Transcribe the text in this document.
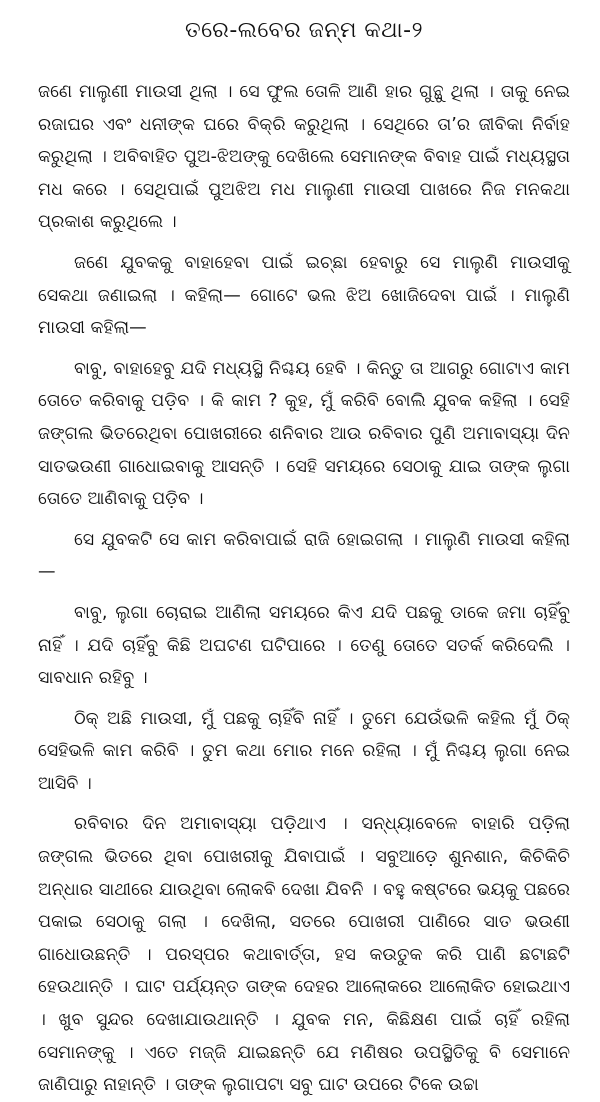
ତରେ-ଲବେର ଜନ୍ମ କଥା-୨

ଜଣେ ମାଲୁଣୀ ମାଉସୀ ଥିଲା । ସେ ଫୁଲ ତୋଳି ଆଣି ହାର ଗୁନ୍ଥୁ ଥିଲା । ତାକୁ ନେଇ ରଜାଘର ଏବଂ ଧନୀଙ୍କ ଘରେ ବିକ୍ରି କରୁଥିଲା । ସେଥିରେ ତା’ର ଜୀବିକା ନିର୍ବାହ କରୁଥିଲା । ଅବିବାହିତ ପୁଅ-ଝିଅଙ୍କୁ ଦେଖିଲେ ସେମାନଙ୍କ ବିବାହ ପାଇଁ ମଧ୍ୟସ୍ଥତା ମଧ କରେ । ସେଥିପାଇଁ ପୁଅଝିଅ ମଧ ମାଲୁଣୀ ମାଉସୀ ପାଖରେ ନିଜ ମନକଥା ପ୍ରକାଶ କରୁଥିଲେ ।

ଜଣେ ଯୁବକକୁ ବାହାହେବା ପାଇଁ ଇଚ୍ଛା ହେବାରୁ ସେ ମାଲୁଣି ମାଉସୀକୁ ସେକଥା ଜଣାଇଲା । କହିଲା— ଗୋଟେ ଭଲ ଝିଅ ଖୋଜିଦେବା ପାଇଁ । ମାଲୁଣି ମାଉସୀ କହିଲା—

ବାବୁ, ବାହାହେବୁ ଯଦି ମଧ୍ୟସ୍ଥି ନିଶ୍ଚୟ ହେବି । କିନ୍ତୁ ତା ଆଗରୁ ଗୋଟାଏ କାମ ତୋତେ କରିବାକୁ ପଡ଼ିବ । କି କାମ ? କୁହ, ମୁଁ କରିବି ବୋଲି ଯୁବକ କହିଲା । ସେହି ଜଙ୍ଗଲ ଭିତରେଥିବା ପୋଖରୀରେ ଶନିବାର ଆଉ ରବିବାର ପୁଣି ଅମାବାସ୍ୟା ଦିନ ସାତଭଉଣୀ ଗାଧୋଇବାକୁ ଆସନ୍ତି । ସେହି ସମୟରେ ସେଠାକୁ ଯାଇ ତାଙ୍କ ଲୁଗା ତୋତେ ଆଣିବାକୁ ପଡ଼ିବ ।

ସେ ଯୁବକଟି ସେ କାମ କରିବାପାଇଁ ରାଜି ହୋଇଗଲା । ମାଲୁଣି ମାଉସୀ କହିଲା—

ବାବୁ, ଲୁଗା ଚୋରାଇ ଆଣିଲା ସମୟରେ କିଏ ଯଦି ପଛକୁ ଡାକେ ଜମା ଚାହିଁବୁ ନାହିଁ । ଯଦି ଚାହିଁବୁ କିଛି ଅଘଟଣ ଘଟିପାରେ । ତେଣୁ ତୋତେ ସତର୍କ କରିଦେଲି । ସାବଧାନ ରହିବୁ ।

ଠିକ୍ ଅଛି ମାଉସୀ, ମୁଁ ପଛକୁ ଚାହିଁବି ନାହିଁ । ତୁମେ ଯେଉଁଭଳି କହିଲ ମୁଁ ଠିକ୍ ସେହିଭଳି କାମ କରିବି । ତୁମ କଥା ମୋର ମନେ ରହିଲା । ମୁଁ ନିଶ୍ଚୟ ଲୁଗା ନେଇ ଆସିବି ।

ରବିବାର ଦିନ ଅମାବାସ୍ୟା ପଡ଼ିଥାଏ । ସନ୍ଧ୍ୟାବେଳେ ବାହାରି ପଡ଼ିଲା ଜଙ୍ଗଲ ଭିତରେ ଥିବା ପୋଖରୀକୁ ଯିବାପାଇଁ । ସବୁଆଡ଼େ ଶୁନଶାନ, କିଚିକିଚି ଅନ୍ଧାର ସାଥୀରେ ଯାଉଥିବା ଲୋକବି ଦେଖା ଯିବନି । ବହୁ କଷ୍ଟରେ ଭୟକୁ ପଛରେ ପକାଇ ସେଠାକୁ ଗଲା । ଦେଖିଲା, ସତରେ ପୋଖରୀ ପାଣିରେ ସାତ ଭଉଣୀ ଗାଧୋଉଛନ୍ତି । ପରସ୍ପର କଥାବାର୍ତ୍ତା, ହସ କଉତୁକ କରି ପାଣି ଛଟାଛଟି ହେଉଥାନ୍ତି । ଘାଟ ପର୍ଯ୍ୟନ୍ତ ତାଙ୍କ ଦେହର ଆଲୋକରେ ଆଲୋକିତ ହୋଇଥାଏ । ଖୁବ ସୁନ୍ଦର ଦେଖାଯାଉଥାନ୍ତି । ଯୁବକ ମନ, କିଛିକ୍ଷଣ ପାଇଁ ଚାହିଁ ରହିଲା ସେମାନଙ୍କୁ । ଏତେ ମଜ୍ଜି ଯାଇଛନ୍ତି ଯେ ମଣିଷର ଉପସ୍ଥିତିକୁ ବି ସେମାନେ ଜାଣିପାରୁ ନାହାନ୍ତି । ତାଙ୍କ ଲୁଗାପଟା ସବୁ ଘାଟ ଉପରେ ଟିକେ ଉଚ୍ଚା
